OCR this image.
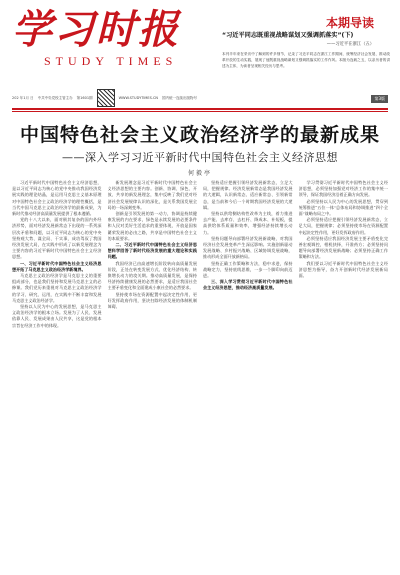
学习时报
STUDY TIMES
202 年1月 日 中共中央党校主管主办 第1601期	WWW.STUDYTIMES.CN 国内统一连续出版物号
本期导读
“习近平同志既重视战略谋划又强调抓落实”(下)
——习近平在浙江（五）
本刊半年来在采访中了解到的许多细节，记录了习近平同志在浙江工作期间，统筹经济社会发展、推动改革开放的生动实践，展现了他既重视战略谋划又强调抓落实的工作作风。本版为连载之五，以亲历者的讲述为主体，为读者呈现相关经历与思考。
第3版
中国特色社会主义政治经济学的最新成果
——深入学习习近平新时代中国特色社会主义经济思想
何毅亭

习近平新时代中国特色社会主义经济思想，是以习近平同志为核心的党中央推动我国经济发展实践的理论结晶，是运用马克思主义基本原理对中国特色社会主义政治经济学的理性概括，是当代中国马克思主义政治经济学的最新成果，为新时代推动经济高质量发展提供了根本遵循。

党的十八大以来，面对极其复杂的国内外经济形势，面对经济发展新常态下出现的一系列深层次矛盾和问题，以习近平同志为核心的党中央坚持观大势、谋全局、干实事，成功驾驭了我国经济发展大局，在实践中形成了以新发展理念为主要内容的习近平新时代中国特色社会主义经济思想。

一、习近平新时代中国特色社会主义经济思想开拓了马克思主义政治经济学新境界。

马克思主义政治经济学是马克思主义的重要组成部分，也是我们坚持和发展马克思主义的必修课。我们党历来重视对马克思主义政治经济学的学习、研究、运用，在实践中不断丰富和发展马克思主义政治经济学。

坚持以人民为中心的发展思想，是马克思主义政治经济学的根本立场。发展为了人民、发展依靠人民、发展成果由人民共享，这是党的根本宗旨在经济工作中的体现。

新发展理念是习近平新时代中国特色社会主义经济思想的主要内容。创新、协调、绿色、开放、共享的新发展理念，集中反映了我们党对经济社会发展规律认识的深化，是关系我国发展全局的一场深刻变革。

创新是引领发展的第一动力，协调是持续健康发展的内在要求，绿色是永续发展的必要条件和人民对美好生活追求的重要体现，开放是国家繁荣发展的必由之路，共享是中国特色社会主义的本质要求。

二、习近平新时代中国特色社会主义经济思想科学回答了新时代经济发展的重大理论和实践问题。

我国经济已由高速增长阶段转向高质量发展阶段，正处在转变发展方式、优化经济结构、转换增长动力的攻关期。推动高质量发展，是保持经济持续健康发展的必然要求，是适应我国社会主要矛盾变化和全面建成小康社会的必然要求。

坚持使市场在资源配置中起决定性作用，更好发挥政府作用，坚决扫除经济发展的体制机制障碍。

坚持适应把握引领经济发展新常态，立足大局，把握规律。经济发展新常态是我国经济发展的大逻辑，认识新常态、适应新常态、引领新常态，是当前和今后一个时期我国经济发展的大逻辑。

坚持以供给侧结构性改革为主线，着力推进去产能、去库存、去杠杆、降成本、补短板，提高供给体系质量和效率，增强经济持续增长动力。

坚持问题导向部署经济发展新战略，对我国经济社会发展变革产生深远影响。实施创新驱动发展战略、乡村振兴战略、区域协调发展战略，推动形成全面开放新格局。

坚持正确工作策略和方法，稳中求进，保持战略定力，坚持底线思维，一步一个脚印向前迈进。

三、深入学习贯彻习近平新时代中国特色社会主义经济思想，推动经济高质量发展。

学习贯彻习近平新时代中国特色社会主义经济思想，必须坚持加强党对经济工作的集中统一领导，保证我国经济沿着正确方向发展。

必须坚持以人民为中心的发展思想，贯穿到统筹推进“五位一体”总体布局和协调推进“四个全面”战略布局之中。

必须坚持适应把握引领经济发展新常态，立足大局，把握规律；必须坚持使市场在资源配置中起决定性作用，更好发挥政府作用。

必须坚持适应我国经济发展主要矛盾变化完善宏观调控，相机抉择，开准药方；必须坚持问题导向部署经济发展新战略；必须坚持正确工作策略和方法。

我们要以习近平新时代中国特色社会主义经济思想为指导，奋力开创新时代经济发展新局面。
